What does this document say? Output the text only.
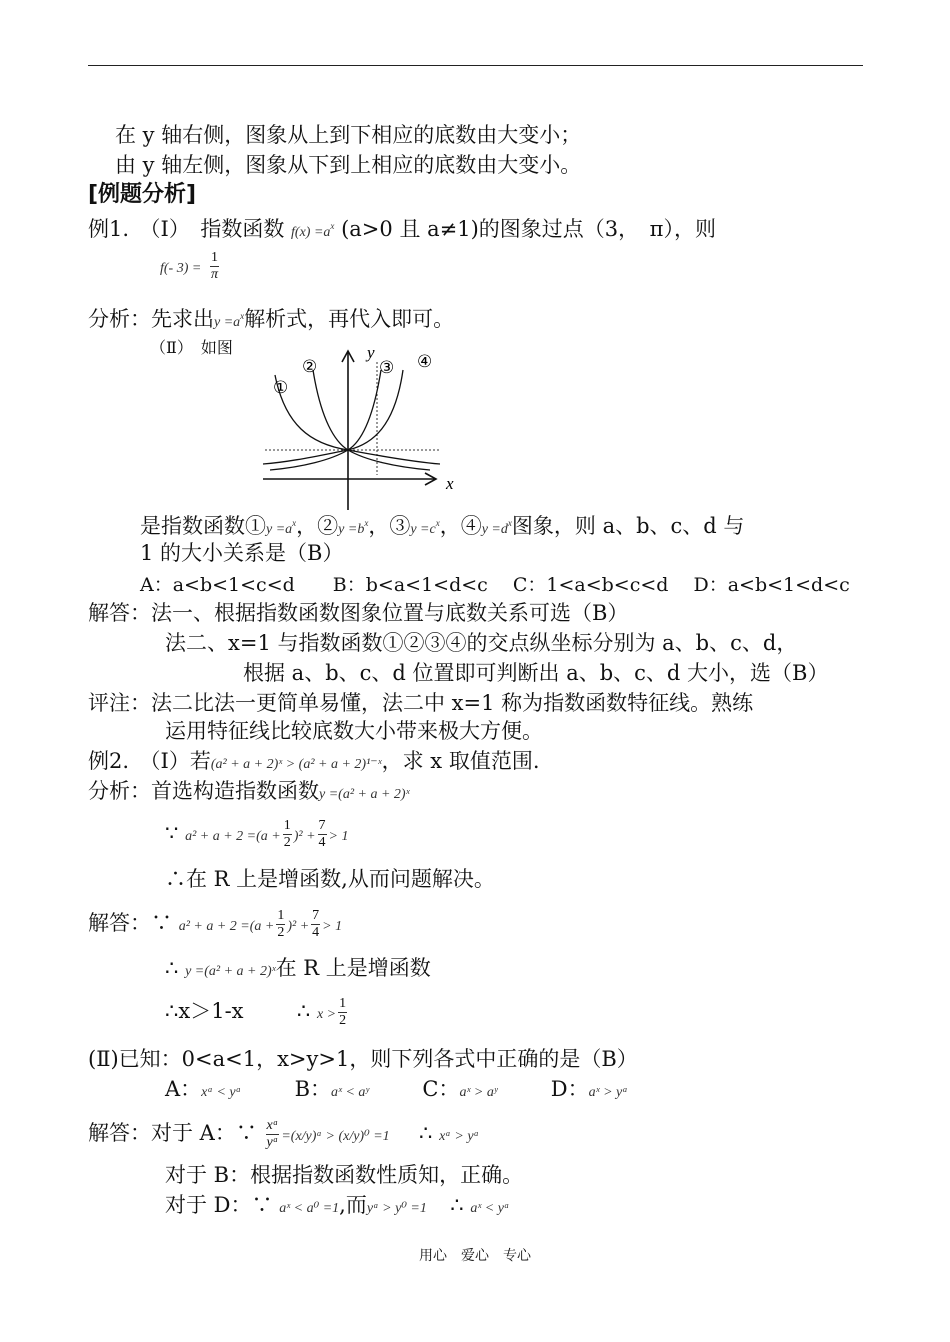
在 y 轴右侧，图象从上到下相应的底数由大变小；
由 y 轴左侧，图象从下到上相应的底数由大变小。
[例题分析]
例1.　（Ⅰ）　指数函数 $f(x) =a^x$ (a>0 且 a≠1)的图象过点（3，　π），则
f(- $3) = \frac{1}{\pi}$
分析：先求出$y =a^x$解析式，再代入即可。
（Ⅱ）　如图
①
②	③ ④
y
x
是指数函数①y $=a^x$，②y $=b^x$，③y $=c^x$，④y $=d^x$图象，则 a、b、c、d 与
1 的大小关系是（B）
A：a<b<1<c<d　　B：b<a<1<d<c　 C：1<a<b<c<d　 D：a<b<1<d<c
解答：法一、根据指数函数图象位置与底数关系可选（B）
法二、x=1 与指数函数①②③④的交点纵坐标分别为 a、b、c、d，
根据 a、b、c、d 位置即可判断出 a、b、c、d 大小，选（B）
评注：法二比法一更简单易懂，法二中 x=1 称为指数函数特征线。熟练
运用特征线比较底数大小带来极大方便。
例2.　（Ⅰ）若(a² + a + 2)ˣ > (a² + a + 2)¹⁻ˣ，求 x 取值范围.
分析：首选构造指数函数y =(a² + a + 2)ˣ
∵ $a^2 + a + 2 =(a + \frac{1}{2} )^2 + \frac{7}{4} > 1$
∴在 R 上是增函数,从而问题解决。
解答：∵ $a^2 + a + 2 =(a + \frac{1}{2} )^2 + \frac{7}{4} > 1$
∴ y =(a² + a + 2)ˣ在 R 上是增函数
∴x＞1-x	∴ $x > \frac{1}{2}$
(Ⅱ)已知：0<a<1，x>y>1，则下列各式中正确的是（B）
A：xᵃ < yᵃ	B：aˣ < aʸ	C：aˣ > aʸ	D：aˣ > yᵃ
解答：对于 A：∵ $\frac{\text{xᵃ}}{\text{yᵃ}}$ =(x/y)ᵃ > (x/y)⁰ =1 ∴ xᵃ > yᵃ
对于 B：根据指数函数性质知，正确。
对于 D：∵ aˣ < a⁰ =1,而yᵃ > y⁰ =1 ∴ aˣ < yᵃ
用心　爱心　专心
